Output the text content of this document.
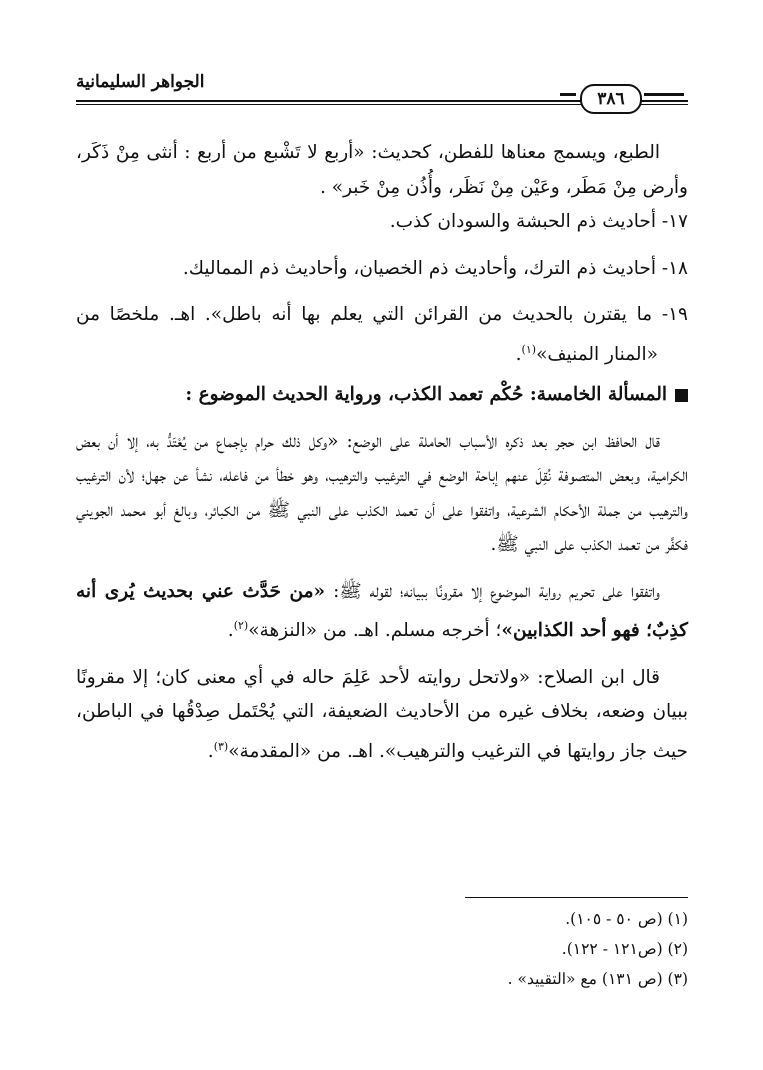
الجواهر السليمانية
٣٨٦

الطبع، ويسمج معناها للفطن، كحديث: «أربع لا تَشْبع من أربع : أنثى مِنْ ذَكَر، وأرض مِنْ مَطَر، وعَيْن مِنْ نَظَر، وأُذُن مِنْ خَبر» .

١٧- أحاديث ذم الحبشة والسودان كذب.

١٨- أحاديث ذم الترك، وأحاديث ذم الخصيان، وأحاديث ذم المماليك.

١٩- ما يقترن بالحديث من القرائن التي يعلم بها أنه باطل». اهـ. ملخصًا من «المنار المنيف»$^{(١)}$.

المسألة الخامسة: حُكْم تعمد الكذب، ورواية الحديث الموضوع :

قال الحافظ ابن حجر بعد ذكره الأسباب الحاملة على الوضع: «وكل ذلك حرام بإجماع من يُعْتَدُّ به، إلا أن بعض الكرامية، وبعض المتصوفة نُقِلَ عنهم إباحة الوضع في الترغيب والترهيب، وهو خطأ من فاعله، نشأ عن جهل؛ لأن الترغيب والترهيب من جملة الأحكام الشرعية، واتفقوا على أن تعمد الكذب على النبي ﷺ من الكبائر، وبالغ أبو محمد الجويني فكفَّر من تعمد الكذب على النبي ﷺ.

واتفقوا على تحريم رواية الموضوع إلا مقرونًا ببيانه؛ لقوله ﷺ: «من حَدَّث عني بحديث يُرى أنه كذِبٌ؛ فهو أحد الكذابين»؛ أخرجه مسلم. اهـ. من «النزهة»$^{(٢)}$.

قال ابن الصلاح: «ولاتحل روايته لأحد عَلِمَ حاله في أي معنى كان؛ إلا مقرونًا ببيان وضعه، بخلاف غيره من الأحاديث الضعيفة، التي يُحْتَمل صِدْقُها في الباطن، حيث جاز روايتها في الترغيب والترهيب». اهـ. من «المقدمة»$^{(٣)}$.

(١) (ص ٥٠ - ١٠٥).

(٢) (ص١٢١ - ١٢٢).

(٣) (ص ١٣١) مع «التقييد» .
